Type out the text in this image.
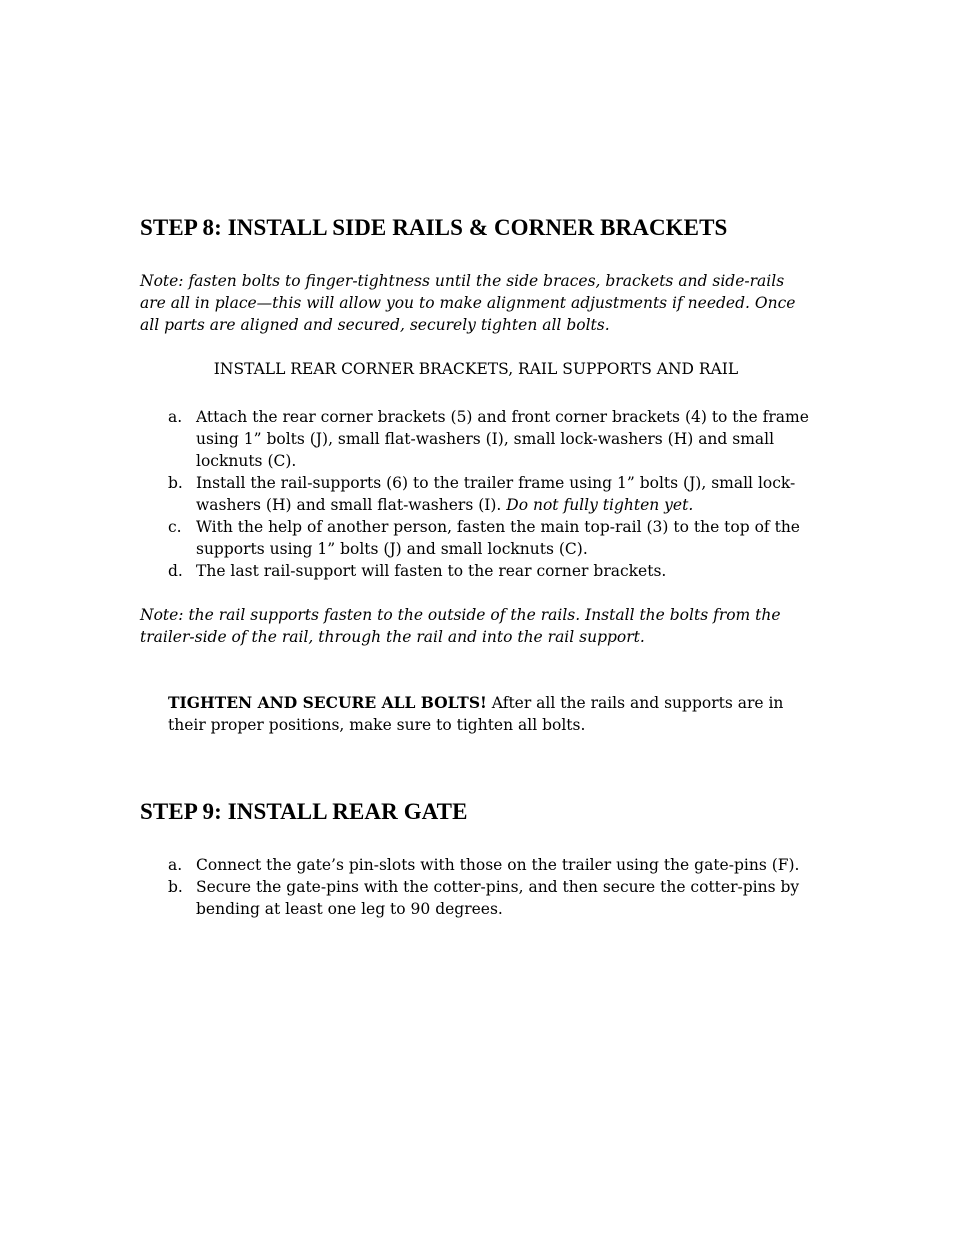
STEP 8: INSTALL SIDE RAILS & CORNER BRACKETS

Note: fasten bolts to finger-tightness until the side braces, brackets and side-rails are all in place—this will allow you to make alignment adjustments if needed. Once all parts are aligned and secured, securely tighten all bolts.

INSTALL REAR CORNER BRACKETS, RAIL SUPPORTS AND RAIL

a. Attach the rear corner brackets (5) and front corner brackets (4) to the frame using 1” bolts (J), small flat-washers (I), small lock-washers (H) and small locknuts (C).
b. Install the rail-supports (6) to the trailer frame using 1” bolts (J), small lock-washers (H) and small flat-washers (I). Do not fully tighten yet.
c. With the help of another person, fasten the main top-rail (3) to the top of the supports using 1” bolts (J) and small locknuts (C).
d. The last rail-support will fasten to the rear corner brackets.

Note: the rail supports fasten to the outside of the rails. Install the bolts from the trailer-side of the rail, through the rail and into the rail support.

TIGHTEN AND SECURE ALL BOLTS! After all the rails and supports are in their proper positions, make sure to tighten all bolts.

STEP 9: INSTALL REAR GATE
a. Connect the gate’s pin-slots with those on the trailer using the gate-pins (F).
b. Secure the gate-pins with the cotter-pins, and then secure the cotter-pins by bending at least one leg to 90 degrees.
